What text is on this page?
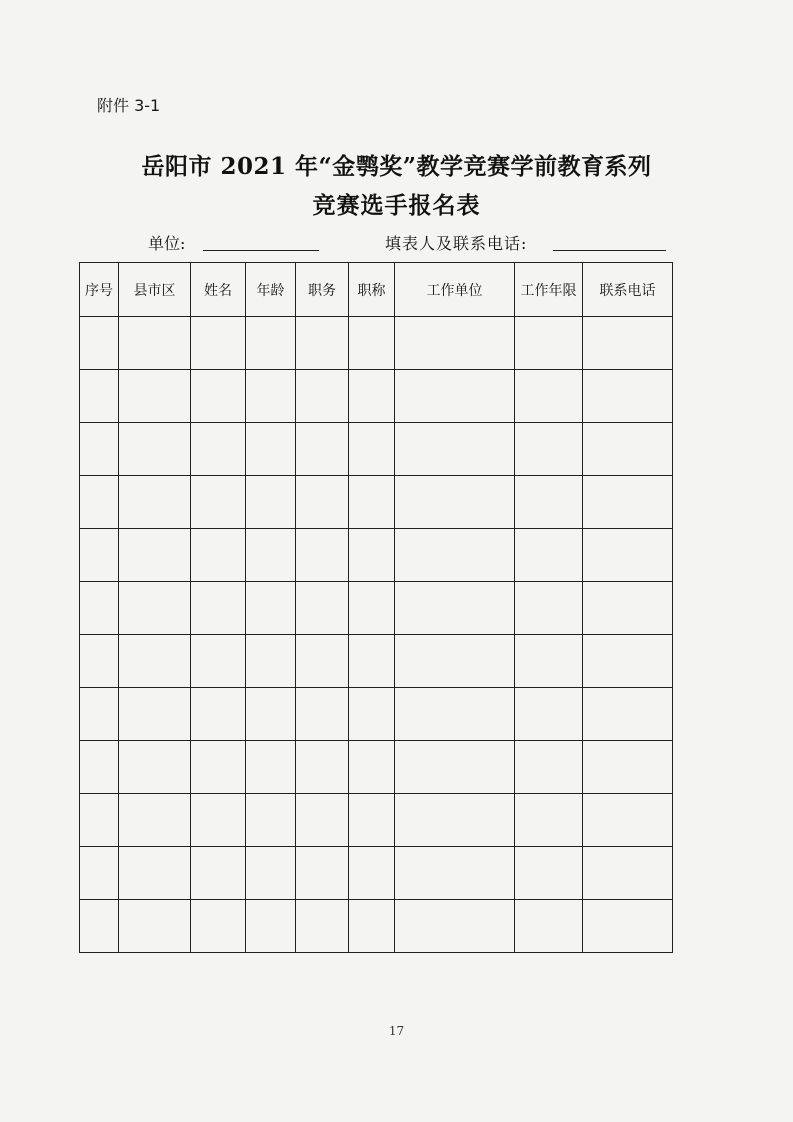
附件 3-1
岳阳市 2021 年“金鹗奖”教学竞赛学前教育系列
竞赛选手报名表
单位:	填表人及联系电话:
序号	县市区	姓名	年龄	职务	职称	工作单位	工作年限	联系电话

17
